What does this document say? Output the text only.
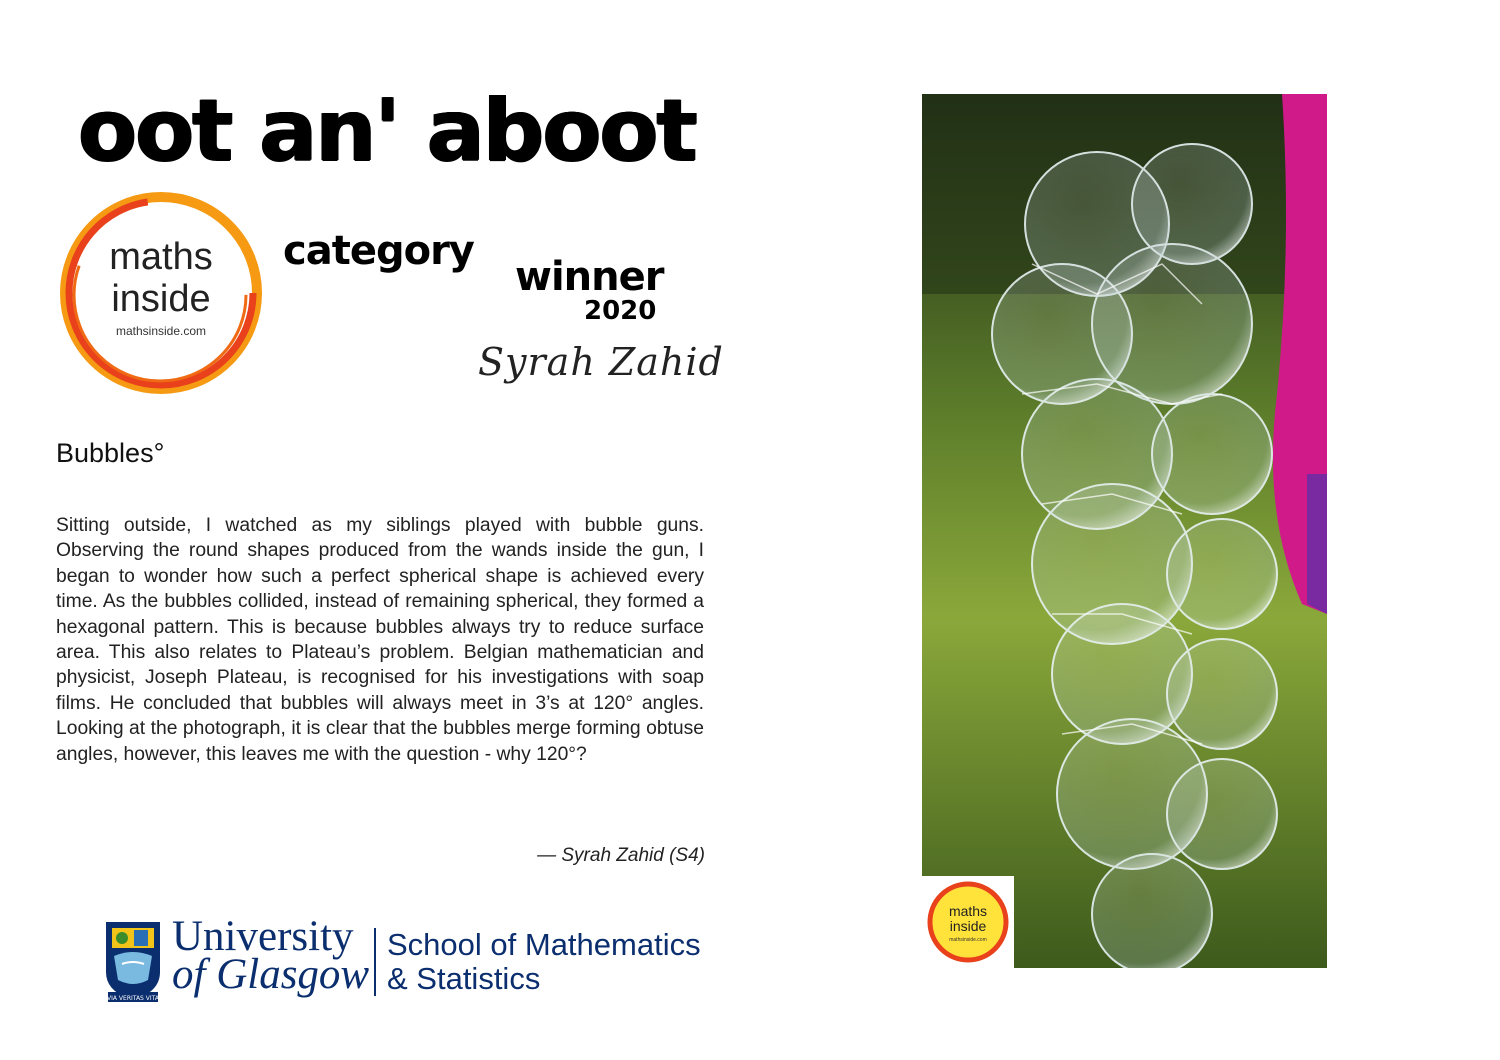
oot an' aboot
maths
inside
mathsinside.com
category
winner
2020
Syrah Zahid
Bubbles°

Sitting outside, I watched as my siblings played with bubble guns. Observing the round shapes produced from the wands inside the gun, I began to wonder how such a perfect spherical shape is achieved every time. As the bubbles collided, instead of remaining spherical, they formed a hexagonal pattern. This is because bubbles always try to reduce surface area. This also relates to Plateau’s problem. Belgian mathematician and physicist, Joseph Plateau, is recognised for his investigations with soap films. He concluded that bubbles will always meet in 3’s at 120° angles. Looking at the photograph, it is clear that the bubbles merge forming obtuse angles, however, this leaves me with the question - why 120°?

— Syrah Zahid (S4)
VIA VERITAS VITA
University
of Glasgow
School of Mathematics
& Statistics
maths
inside
mathsinside.com
